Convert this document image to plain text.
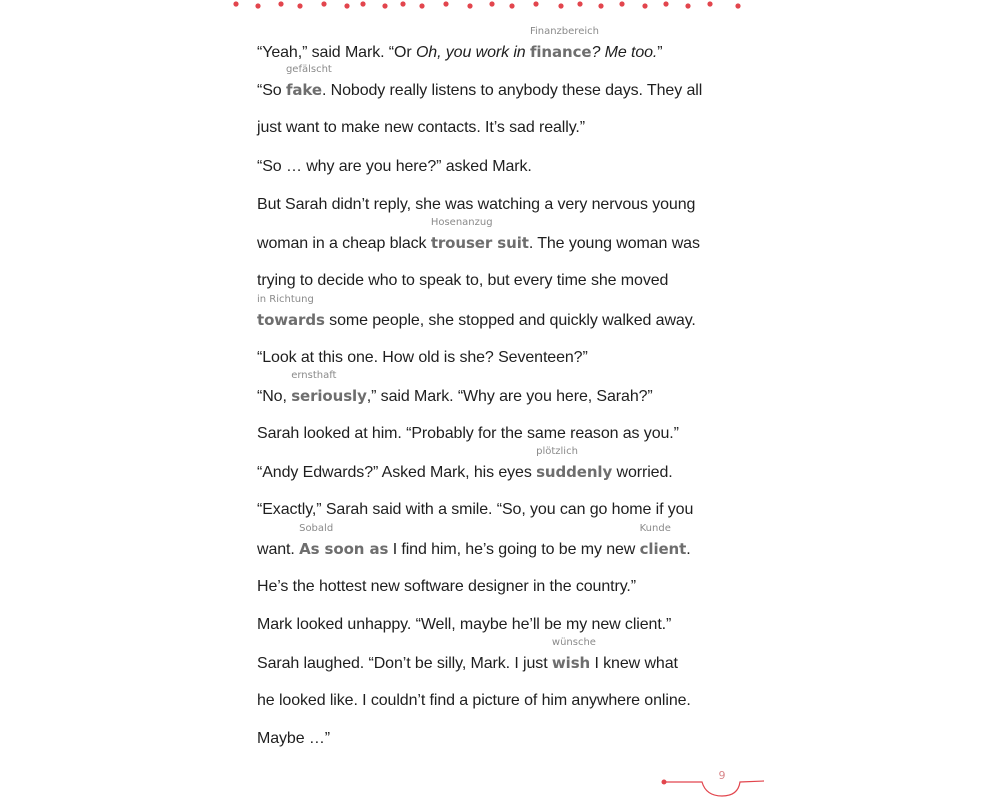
“Yeah,” said Mark. “Or Oh, you work in
Finanzbereich
finance? Me too.”
“So
gefälscht
fake. Nobody really listens to anybody these days. They all
just want to make new contacts. It’s sad really.”
“So … why are you here?” asked Mark.
But Sarah didn’t reply, she was watching a very nervous young
woman in a cheap black
Hosenanzug
trouser suit. The young woman was
trying to decide who to speak to, but every time she moved
in Richtung
towards some people, she stopped and quickly walked away.
“Look at this one. How old is she? Seventeen?”
“No,
ernsthaft
seriously,” said Mark. “Why are you here, Sarah?”
Sarah looked at him. “Probably for the same reason as you.”
“Andy Edwards?” Asked Mark, his eyes
plötzlich
suddenly worried.
“Exactly,” Sarah said with a smile. “So, you can go home if you
want.
Sobald
As soon as I find him, he’s going to be my new
Kunde
client.
He’s the hottest new software designer in the country.”
Mark looked unhappy. “Well, maybe he’ll be my new client.”
Sarah laughed. “Don’t be silly, Mark. I just
wünsche
wish I knew what
he looked like. I couldn’t find a picture of him anywhere online.
Maybe …”
9
